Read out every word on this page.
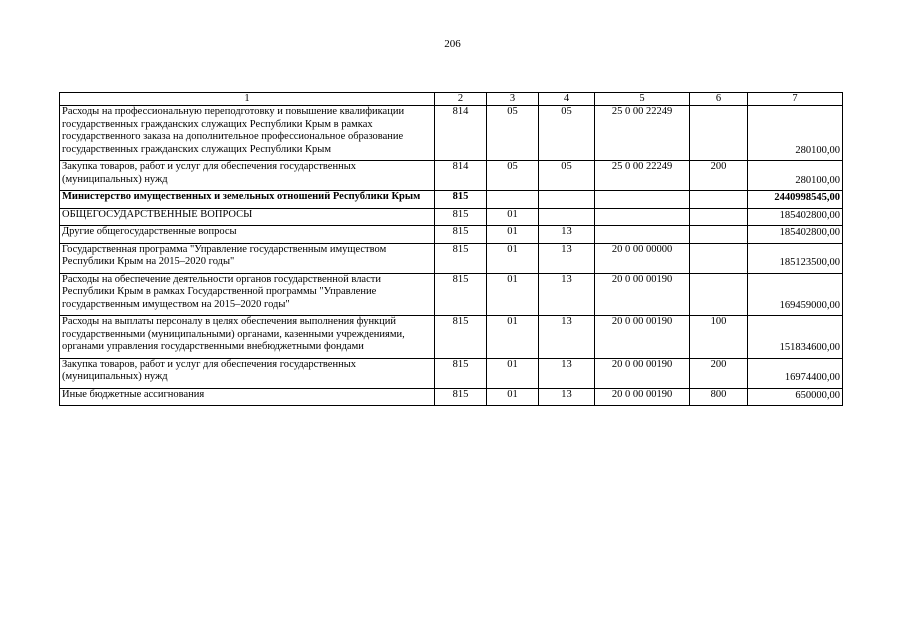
206
1	2	3	4	5	6	7
Расходы на профессиональную переподготовку и повышение квалификации государственных гражданских служащих Республики Крым в рамках государственного заказа на дополнительное профессиональное образование государственных гражданских служащих Республики Крым	814	05	05	25 0 00 22249		280100,00
Закупка товаров, работ и услуг для обеспечения государственных (муниципальных) нужд	814	05	05	25 0 00 22249	200	280100,00
Министерство имущественных и земельных отношений Республики Крым	815					2440998545,00
ОБЩЕГОСУДАРСТВЕННЫЕ ВОПРОСЫ	815	01				185402800,00
Другие общегосударственные вопросы	815	01	13			185402800,00
Государственная программа "Управление государственным имуществом Республики Крым на 2015–2020 годы"	815	01	13	20 0 00 00000		185123500,00
Расходы на обеспечение деятельности органов государственной власти Республики Крым в рамках Государственной программы "Управление государственным имуществом на 2015–2020 годы"	815	01	13	20 0 00 00190		169459000,00
Расходы на выплаты персоналу в целях обеспечения выполнения функций государственными (муниципальными) органами, казенными учреждениями, органами управления государственными внебюджетными фондами	815	01	13	20 0 00 00190	100	151834600,00
Закупка товаров, работ и услуг для обеспечения государственных (муниципальных) нужд	815	01	13	20 0 00 00190	200	16974400,00
Иные бюджетные ассигнования	815	01	13	20 0 00 00190	800	650000,00
